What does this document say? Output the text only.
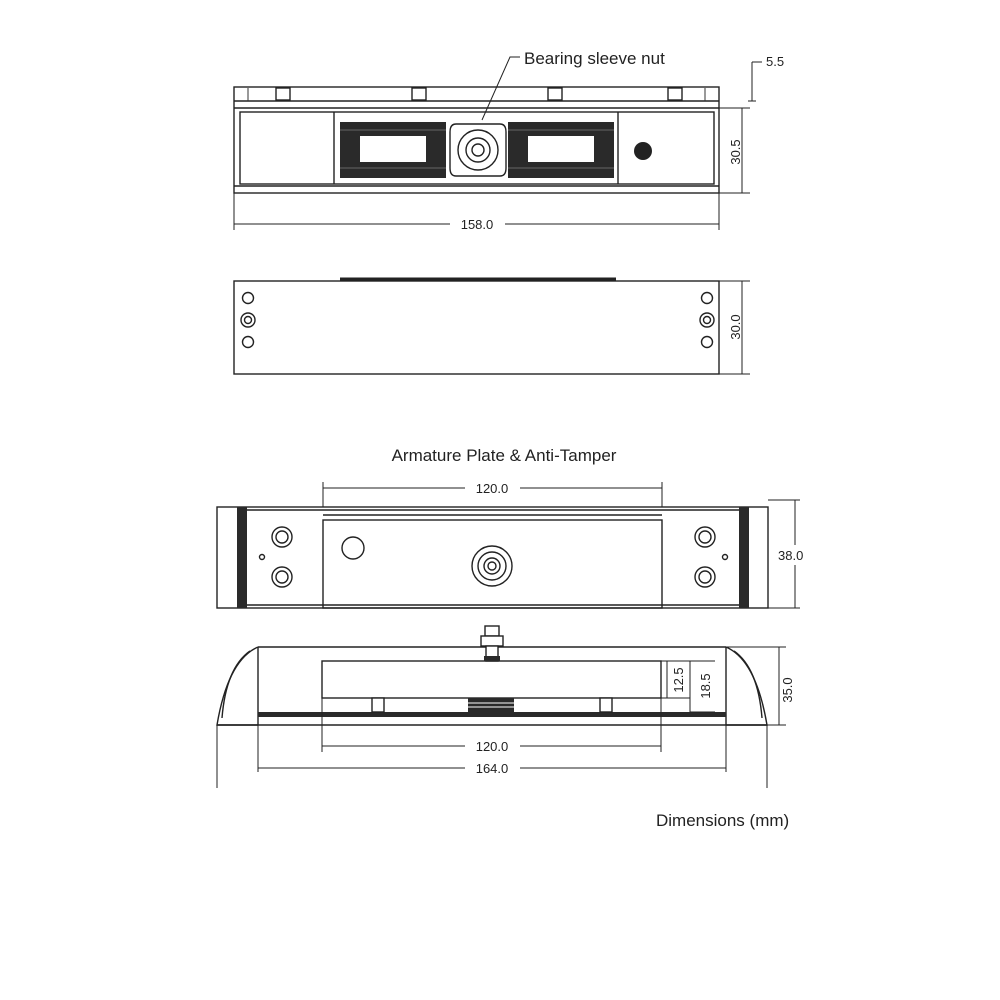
Bearing sleeve nut	5.5
30.5
158.0
30.0
Armature Plate & Anti-Tamper
120.0
38.0
12.5 18.5	35.0
120.0
164.0
Dimensions (mm)
